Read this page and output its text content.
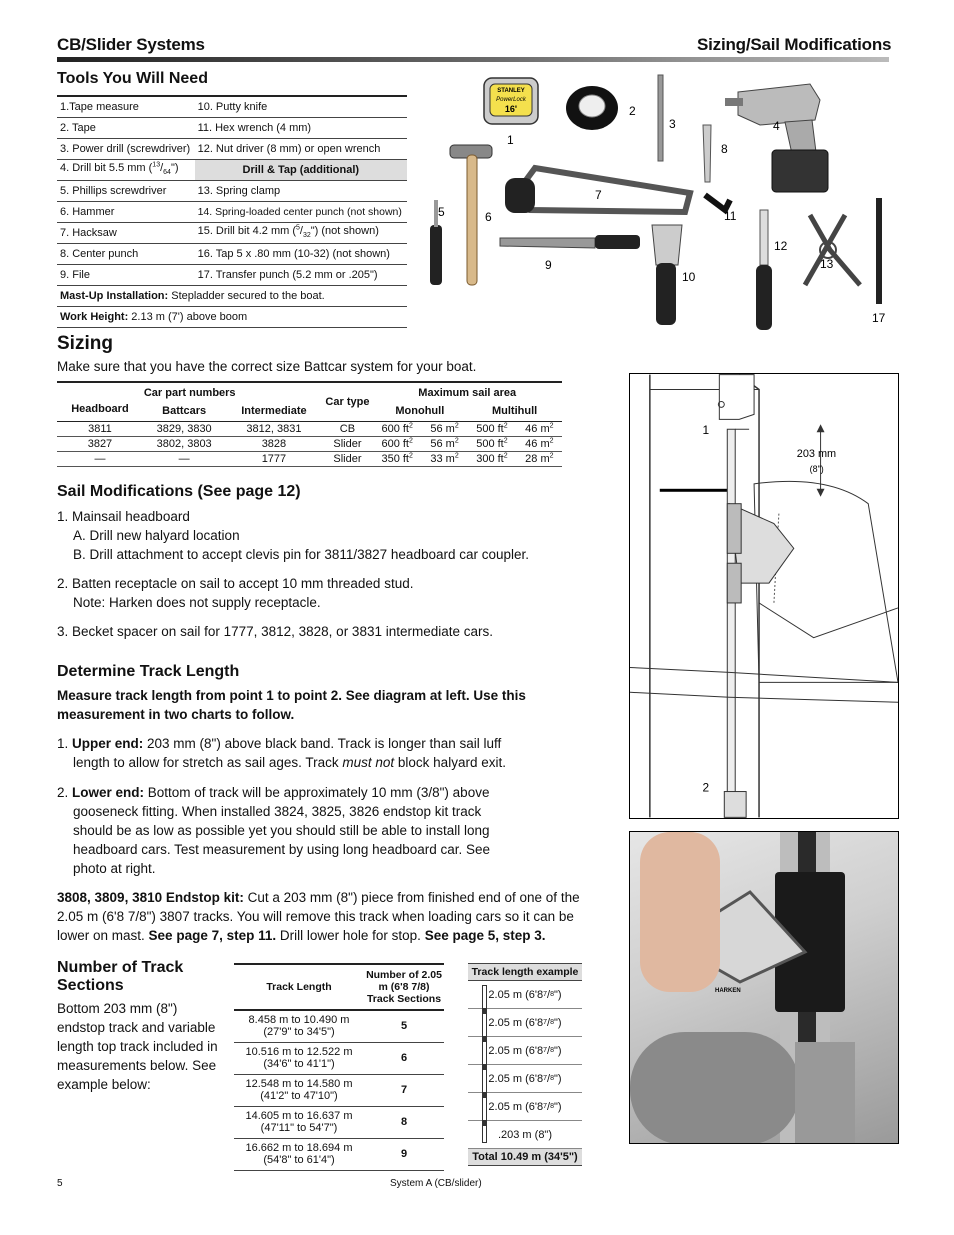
CB/Slider Systems	Sizing/Sail Modifications
Tools You Will Need
1.Tape measure	10. Putty knife
2. Tape	11. Hex wrench (4 mm)
3. Power drill (screwdriver)	12. Nut driver (8 mm) or open wrench
4. Drill bit 5.5 mm $(^{13}/_{64}")$	Drill & Tap (additional)
5. Phillips screwdriver	13. Spring clamp
6. Hammer	14. Spring-loaded center punch (not shown)
7. Hacksaw	15. Drill bit 4.2 mm $(^5/_{32}")$ (not shown)
8. Center punch	16. Tap 5 x .80 mm (10-32) (not shown)
9. File	17. Transfer punch (5.2 mm or .205")
Mast-Up Installation: Stepladder secured to the boat.	
Work Height: 2.13 m (7') above boom	
STANLEY
PowerLock
16'
1
2
3	4
5	6
7
8
9
10
11
12
13
17
Sizing
Make sure that you have the correct size Battcar system for your boat.
Car part numbers			Car type	Maximum sail area			
Headboard	Battcars	Intermediate		Monohull		Multihull	
3811	3829, 3830	3812, 3831	CB	600 $ft^2$	56 $m^2$	500 $ft^2$	46 $m^2$
3827	3802, 3803	3828	Slider	600 $ft^2$	56 $m^2$	500 $ft^2$	46 $m^2$
—	—	1777	Slider	350 $ft^2$	33 $m^2$	300 $ft^2$	28 $m^2$
Sail Modifications (See page 12)
1. Mainsail headboard
A. Drill new halyard location
B. Drill attachment to accept clevis pin for 3811/3827 headboard car coupler.
2. Batten receptacle on sail to accept 10 mm threaded stud.
Note: Harken does not supply receptacle.
3. Becket spacer on sail for 1777, 3812, 3828, or 3831 intermediate cars.
Determine Track Length
Measure track length from point 1 to point 2. See diagram at left. Use this measurement in two charts to follow.
1. Upper end: 203 mm (8") above black band. Track is longer than sail luff
length to allow for stretch as sail ages. Track must not block halyard exit.
2. Lower end: Bottom of track will be approximately 10 mm (3/8") above
gooseneck fitting. When installed 3824, 3825, 3826 endstop kit track
should be as low as possible yet you should still be able to install long
headboard cars. Test measurement by using long headboard car. See
photo at right.
3808, 3809, 3810 Endstop kit: Cut a 203 mm (8") piece from finished end of one of the
2.05 m (6'8 7/8") 3807 tracks. You will remove this track when loading cars so it can be
lower on mast. See page 7, step 11. Drill lower hole for stop. See page 5, step 3.
Number of Track Sections
Bottom 203 mm (8") endstop track and variable length top track included in measurements below. See example below:
Track Length	Number of 2.05 m (6'8 7/8) Track Sections

8.458 m to 10.490 m
(27'9" to 34'5")	5

10.516 m to 12.522 m
(34'6" to 41'1")	6

12.548 m to 14.580 m
(41'2" to 47'10")	7

14.605 m to 16.637 m
(47'11" to 54'7")	8

16.662 m to 18.694 m
(54'8" to 61'4")	9
Track length example
2.05 m (6'8 7 / 8 ")
2.05 m (6'8 7 / 8 ")
2.05 m (6'8 7 / 8 ")
2.05 m (6'8 7 / 8 ")
2.05 m (6'8 7 / 8 ")
.203 m (8")
Total 10.49 m (34'5")
1
2
203 mm
(8")
HARKEN
5	System A (CB/slider)
